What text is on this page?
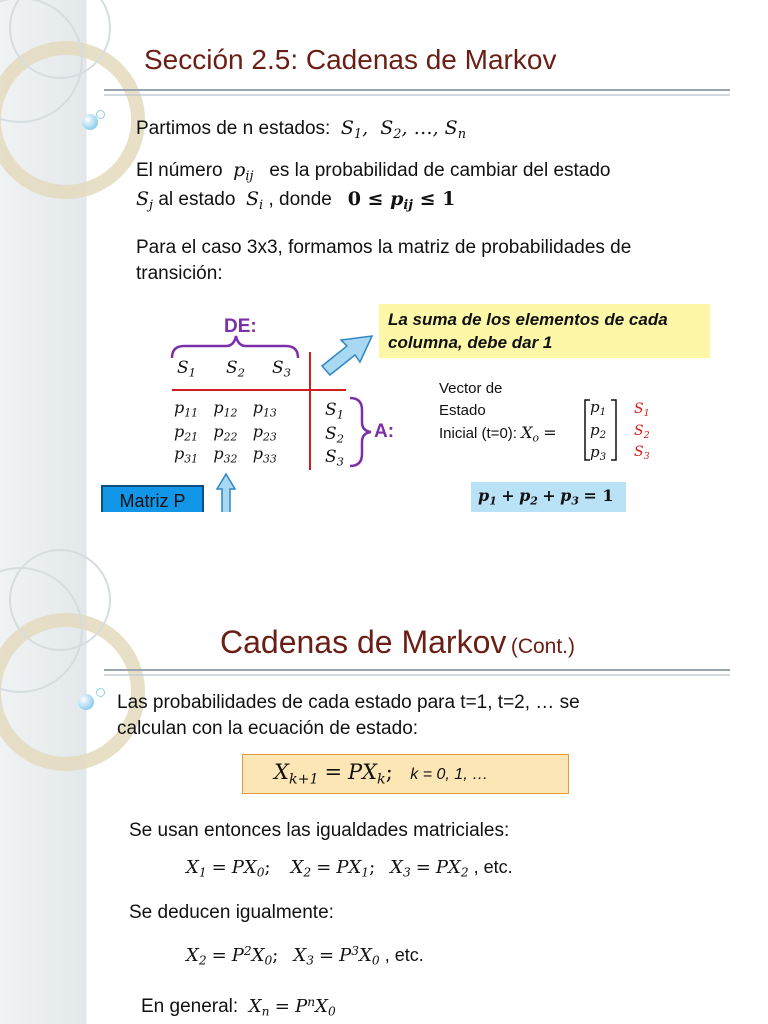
Sección 2.5: Cadenas de Markov
Partimos de n estados: $S_1$,  $S_2$, …, $S_n$
El número $p_{ij}$ es la probabilidad de cambiar del estado
$S_j$ al estado $S_i$ , donde $0 \le p_{ij} \le 1$
Para el caso 3x3, formamos la matriz de probabilidades de
transición:
La suma de los elementos de cada columna, debe dar 1
DE:
$S_1$ $S_2$ $S_3$
$p_{11}$   $p_{12}$   $p_{13}$
$p_{21}$   $p_{22}$   $p_{23}$
$p_{31}$   $p_{32}$   $p_{33}$
$S_1$
$S_2$
$S_3$
A:
Vector de
Estado
Inicial (t=0): $X_o$ =
$p_1$
$p_2$
$p_3$
$S_1$
$S_2$
$S_3$
$p_1 + p_2 + p_3 = 1$
Matriz P
Cadenas de Markov (Cont.)
Las probabilidades de cada estado para t=1, t=2, … se
calculan con la ecuación de estado:
$X_{k+1} = PX_k$; k = 0, 1, …
Se usan entonces las igualdades matriciales:
$X_1 = PX_0$; $X_2 = PX_1$; $X_3 = PX_2$ , etc.
Se deducen igualmente:
$X_2 = P^2X_0$; $X_3 = P^3X_0$ , etc.
En general: $X_n = P^nX_0$
